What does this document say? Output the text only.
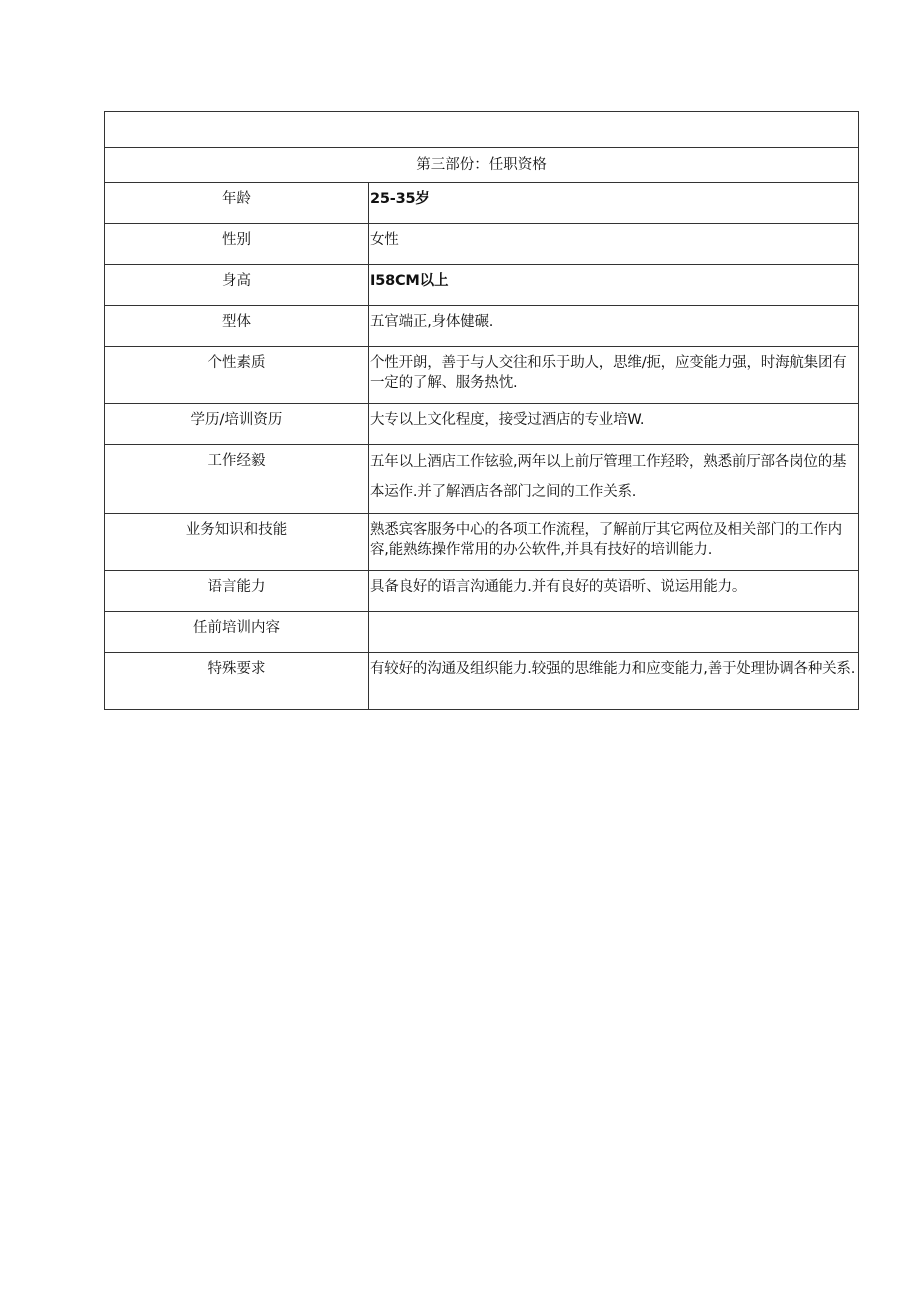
第三部份：任职资格	
年龄	25-35岁
性别	女性
身高	I58CM以上
型体	五官端正,身体健碾.
个性素质	个性开朗，善于与人交往和乐于助人，思维/扼，应变能力强，时海航集团有一定的了解、服务热忱.
学历/培训资历	大专以上文化程度，接受过酒店的专业培W.
工作经毅	五年以上酒店工作铉验,两年以上前厅管理工作羟聆，熟悉前厅部各岗位的基本运作.并了解酒店各部门之间的工作关系.
业务知识和技能	熟悉宾客服务中心的各项工作流程，了解前厅其它两位及相关部门的工作内容,能熟练操作常用的办公软件,并具有技好的培训能力.
语言能力	具备良好的语言沟通能力.并有良好的英语听、说运用能力。
任前培训内容	
特殊要求	有较好的沟通及组织能力.较强的思维能力和应变能力,善于处理协调各种关系.
